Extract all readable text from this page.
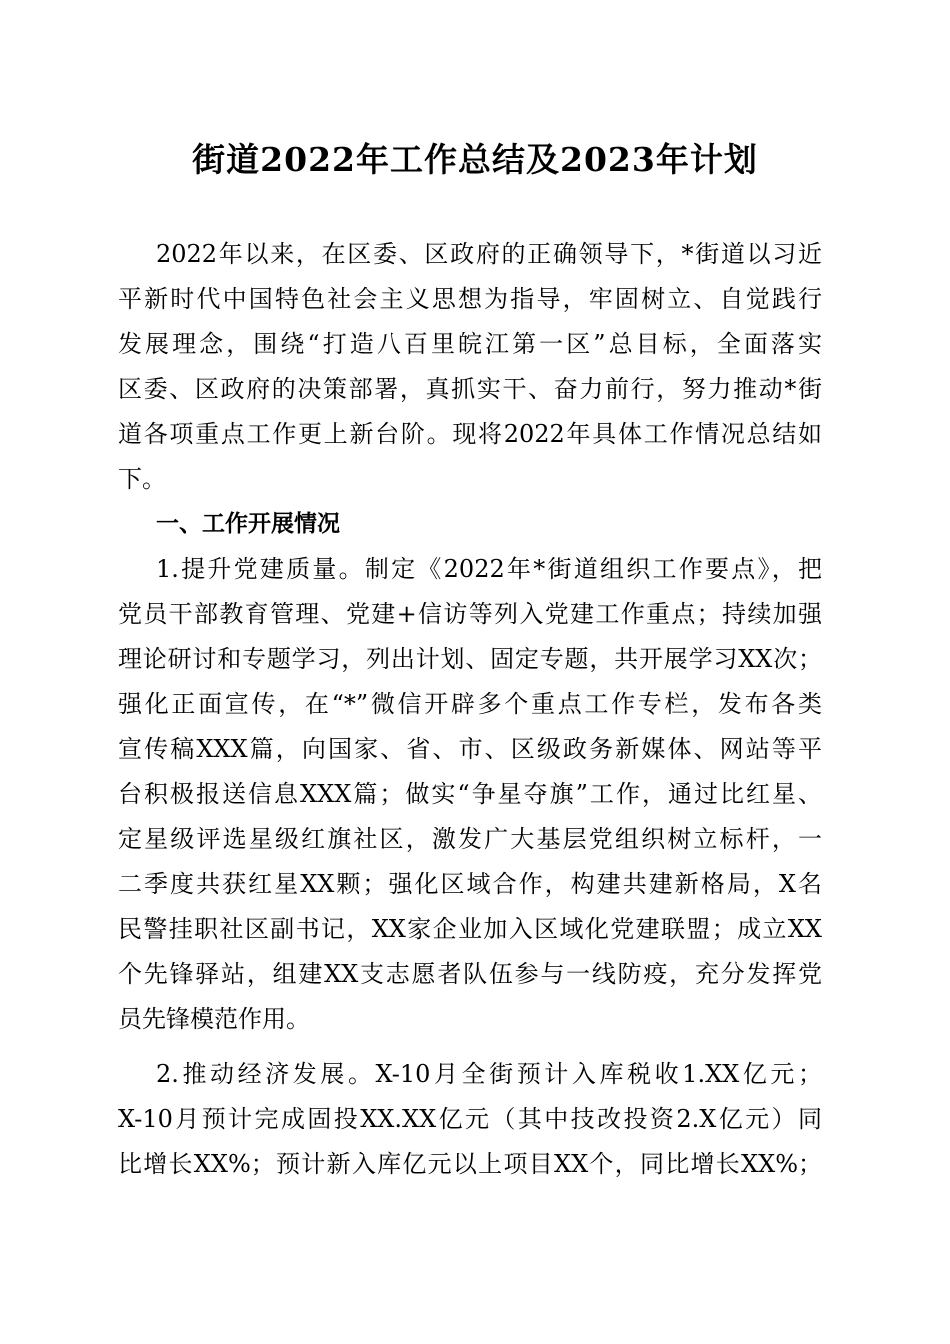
街道2022年工作总结及2023年计划
2022年以来，在区委、区政府的正确领导下，*街道以习近
平新时代中国特色社会主义思想为指导，牢固树立、自觉践行
发展理念，围绕“打造八百里皖江第一区”总目标，全面落实
区委、区政府的决策部署，真抓实干、奋力前行，努力推动*街
道各项重点工作更上新台阶。现将2022年具体工作情况总结如
下。
一、工作开展情况
1.提升党建质量。制定《2022年*街道组织工作要点》，把
党员干部教育管理、党建+信访等列入党建工作重点；持续加强
理论研讨和专题学习，列出计划、固定专题，共开展学习XX次；
强化正面宣传，在“*”微信开辟多个重点工作专栏，发布各类
宣传稿XXX篇，向国家、省、市、区级政务新媒体、网站等平
台积极报送信息XXX篇；做实“争星夺旗”工作，通过比红星、
定星级评选星级红旗社区，激发广大基层党组织树立标杆，一
二季度共获红星XX颗；强化区域合作，构建共建新格局，X名
民警挂职社区副书记，XX家企业加入区域化党建联盟；成立XX
个先锋驿站，组建XX支志愿者队伍参与一线防疫，充分发挥党
员先锋模范作用。
2.推动经济发展。X-10月全街预计入库税收1.XX亿元；
X-10月预计完成固投XX.XX亿元（其中技改投资2.X亿元）同
比增长XX%；预计新入库亿元以上项目XX个，同比增长XX%；
